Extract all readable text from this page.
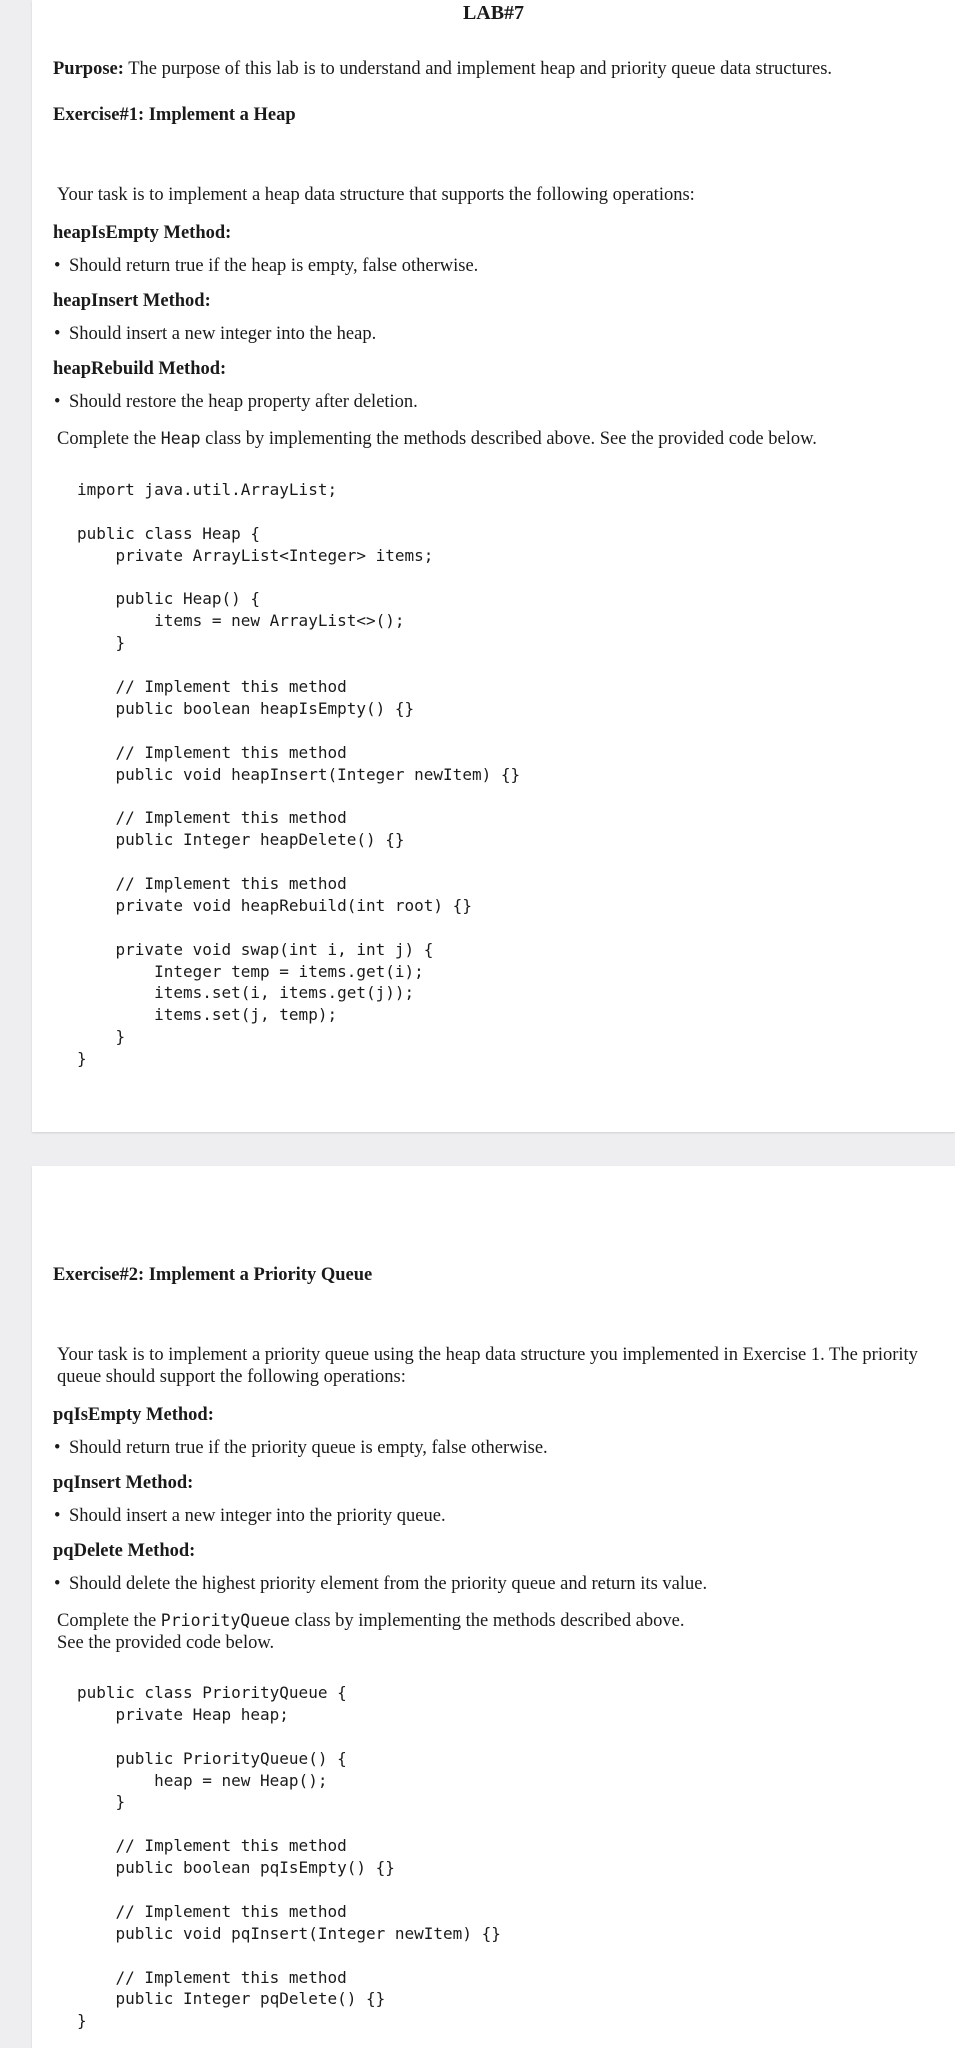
LAB#7
Purpose: The purpose of this lab is to understand and implement heap and priority queue data structures.
Exercise#1: Implement a Heap
Your task is to implement a heap data structure that supports the following operations:
heapIsEmpty Method:
• Should return true if the heap is empty, false otherwise.
heapInsert Method:
• Should insert a new integer into the heap.
heapRebuild Method:
• Should restore the heap property after deletion.
Complete the Heap class by implementing the methods described above. See the provided code below.
import java.util.ArrayList;
public class Heap {
private ArrayList<Integer> items;
public Heap() {
items = new ArrayList<>();
}
// Implement this method
public boolean heapIsEmpty() {}
// Implement this method
public void heapInsert(Integer newItem) {}
// Implement this method
public Integer heapDelete() {}
// Implement this method
private void heapRebuild(int root) {}
private void swap(int i, int j) {
Integer temp = items.get(i);
items.set(i, items.get(j));
items.set(j, temp);
}
}
Exercise#2: Implement a Priority Queue
Your task is to implement a priority queue using the heap data structure you implemented in Exercise 1. The priority queue should support the following operations:
pqIsEmpty Method:
• Should return true if the priority queue is empty, false otherwise.
pqInsert Method:
• Should insert a new integer into the priority queue.
pqDelete Method:
• Should delete the highest priority element from the priority queue and return its value.
Complete the PriorityQueue class by implementing the methods described above.
See the provided code below.
public class PriorityQueue {
private Heap heap;
public PriorityQueue() {
heap = new Heap();
}
// Implement this method
public boolean pqIsEmpty() {}
// Implement this method
public void pqInsert(Integer newItem) {}
// Implement this method
public Integer pqDelete() {}
}
